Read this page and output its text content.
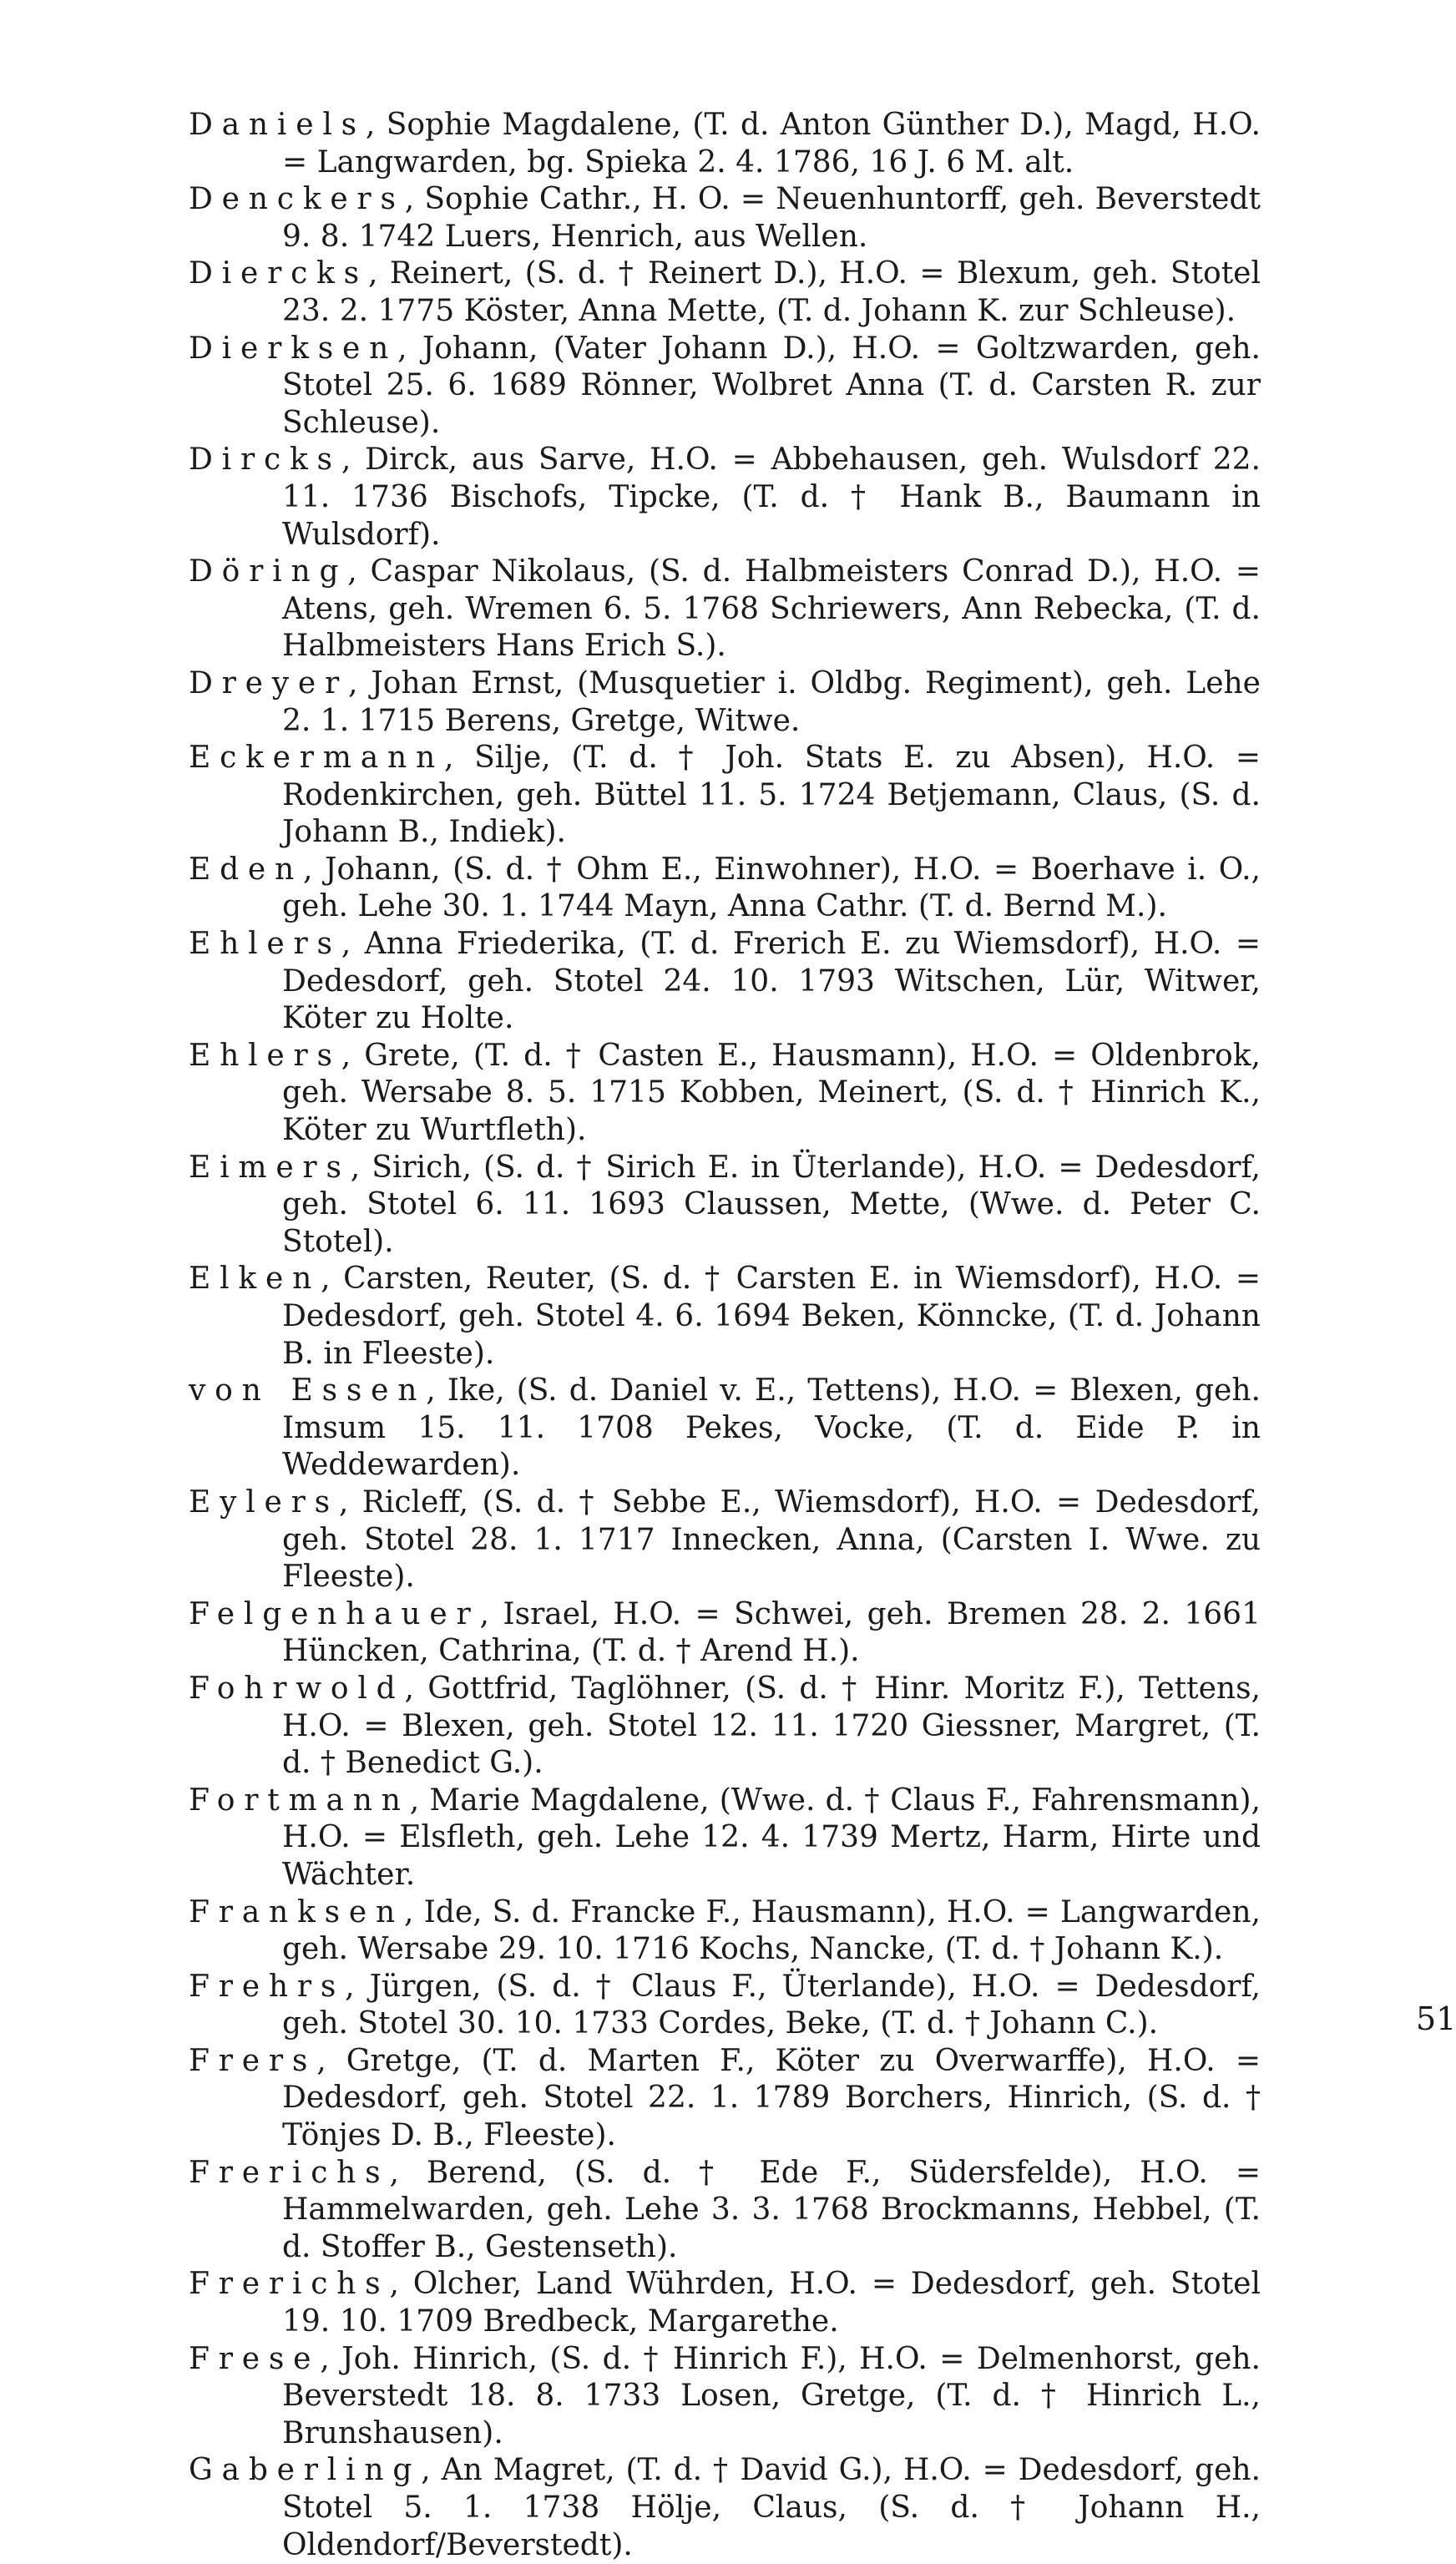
Daniels, Sophie Magdalene, (T. d. Anton Günther D.), Magd, H.O. = Langwarden, bg. Spieka 2. 4. 1786, 16 J. 6 M. alt.

Denckers, Sophie Cathr., H. O. = Neuenhuntorff, geh. Beverstedt 9. 8. 1742 Luers, Henrich, aus Wellen.

Diercks, Reinert, (S. d. † Reinert D.), H.O. = Blexum, geh. Stotel 23. 2. 1775 Köster, Anna Mette, (T. d. Johann K. zur Schleuse).

Dierksen, Johann, (Vater Johann D.), H.O. = Goltzwarden, geh. Stotel 25. 6. 1689 Rönner, Wolbret Anna (T. d. Carsten R. zur Schleuse).

Dircks, Dirck, aus Sarve, H.O. = Abbehausen, geh. Wulsdorf 22. 11. 1736 Bischofs, Tipcke, (T. d. † Hank B., Baumann in Wulsdorf).

Döring, Caspar Nikolaus, (S. d. Halbmeisters Conrad D.), H.O. = Atens, geh. Wremen 6. 5. 1768 Schriewers, Ann Rebecka, (T. d. Halbmeisters Hans Erich S.).

Dreyer, Johan Ernst, (Musquetier i. Oldbg. Regiment), geh. Lehe 2. 1. 1715 Berens, Gretge, Witwe.

Eckermann, Silje, (T. d. † Joh. Stats E. zu Absen), H.O. = Rodenkirchen, geh. Büttel 11. 5. 1724 Betjemann, Claus, (S. d. Johann B., Indiek).

Eden, Johann, (S. d. † Ohm E., Einwohner), H.O. = Boerhave i. O., geh. Lehe 30. 1. 1744 Mayn, Anna Cathr. (T. d. Bernd M.).

Ehlers, Anna Friederika, (T. d. Frerich E. zu Wiemsdorf), H.O. = Dedesdorf, geh. Stotel 24. 10. 1793 Witschen, Lür, Witwer, Köter zu Holte.

Ehlers, Grete, (T. d. † Casten E., Hausmann), H.O. = Oldenbrok, geh. Wersabe 8. 5. 1715 Kobben, Meinert, (S. d. † Hinrich K., Köter zu Wurtfleth).

Eimers, Sirich, (S. d. † Sirich E. in Üterlande), H.O. = Dedesdorf, geh. Stotel 6. 11. 1693 Claussen, Mette, (Wwe. d. Peter C. Stotel).

Elken, Carsten, Reuter, (S. d. † Carsten E. in Wiemsdorf), H.O. = Dedesdorf, geh. Stotel 4. 6. 1694 Beken, Könncke, (T. d. Johann B. in Fleeste).

von Essen, Ike, (S. d. Daniel v. E., Tettens), H.O. = Blexen, geh. Imsum 15. 11. 1708 Pekes, Vocke, (T. d. Eide P. in Weddewarden).

Eylers, Ricleff, (S. d. † Sebbe E., Wiemsdorf), H.O. = Dedesdorf, geh. Stotel 28. 1. 1717 Innecken, Anna, (Carsten I. Wwe. zu Fleeste).

Felgenhauer, Israel, H.O. = Schwei, geh. Bremen 28. 2. 1661 Hüncken, Cathrina, (T. d. † Arend H.).

Fohrwold, Gottfrid, Taglöhner, (S. d. † Hinr. Moritz F.), Tettens, H.O. = Blexen, geh. Stotel 12. 11. 1720 Giessner, Margret, (T. d. † Benedict G.).

Fortmann, Marie Magdalene, (Wwe. d. † Claus F., Fahrensmann), H.O. = Elsfleth, geh. Lehe 12. 4. 1739 Mertz, Harm, Hirte und Wächter.

Franksen, Ide, S. d. Francke F., Hausmann), H.O. = Langwarden, geh. Wersabe 29. 10. 1716 Kochs, Nancke, (T. d. † Johann K.).

Frehrs, Jürgen, (S. d. † Claus F., Üterlande), H.O. = Dedesdorf, geh. Stotel 30. 10. 1733 Cordes, Beke, (T. d. † Johann C.).

Frers, Gretge, (T. d. Marten F., Köter zu Overwarffe), H.O. = Dedesdorf, geh. Stotel 22. 1. 1789 Borchers, Hinrich, (S. d. † Tönjes D. B., Fleeste).

Frerichs, Berend, (S. d. † Ede F., Südersfelde), H.O. = Hammelwarden, geh. Lehe 3. 3. 1768 Brockmanns, Hebbel, (T. d. Stoffer B., Gestenseth).

Frerichs, Olcher, Land Wührden, H.O. = Dedesdorf, geh. Stotel 19. 10. 1709 Bredbeck, Margarethe.

Frese, Joh. Hinrich, (S. d. † Hinrich F.), H.O. = Delmenhorst, geh. Beverstedt 18. 8. 1733 Losen, Gretge, (T. d. † Hinrich L., Brunshausen).

Gaberling, An Magret, (T. d. † David G.), H.O. = Dedesdorf, geh. Stotel 5. 1. 1738 Hölje, Claus, (S. d. † Johann H., Oldendorf/Beverstedt).

51
